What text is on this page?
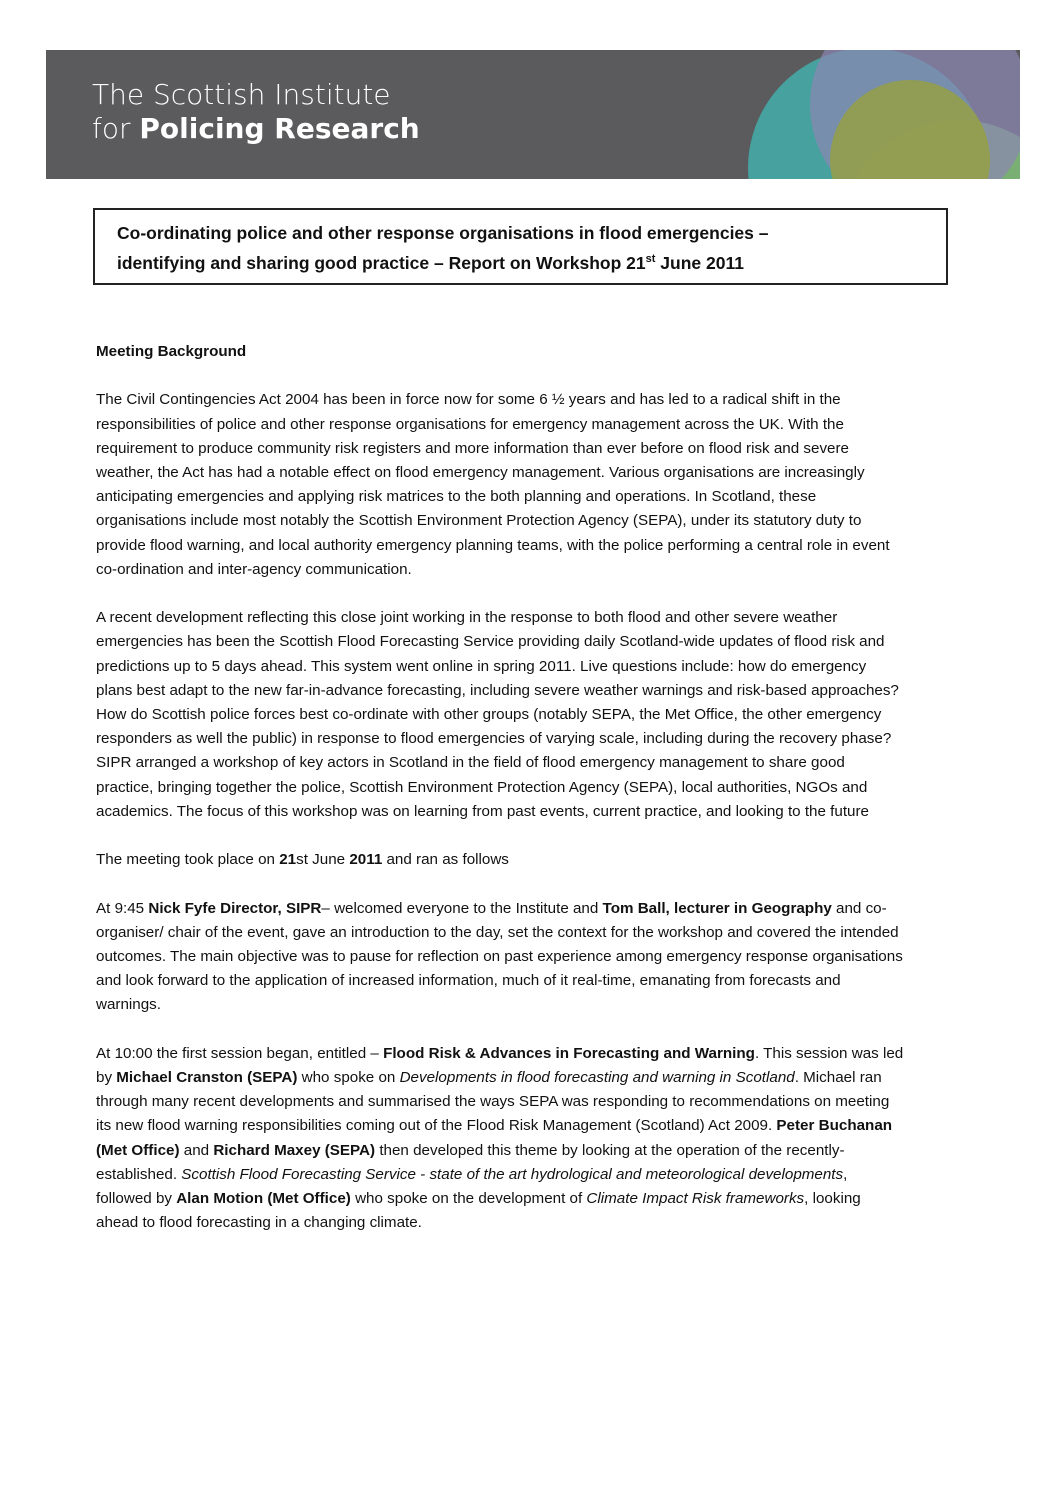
The Scottish Institute
for Policing Research

Co-ordinating police and other response organisations in flood emergencies –

identifying and sharing good practice – Report on Workshop 21st June 2011

Meeting Background

The Civil Contingencies Act 2004 has been in force now for some 6 ½ years and has led to a radical shift in the responsibilities of police and other response organisations for emergency management across the UK. With the requirement to produce community risk registers and more information than ever before on flood risk and severe weather, the Act has had a notable effect on flood emergency management. Various organisations are increasingly anticipating emergencies and applying risk matrices to the both planning and operations. In Scotland, these organisations include most notably the Scottish Environment Protection Agency (SEPA), under its statutory duty to provide flood warning, and local authority emergency planning teams, with the police performing a central role in event co-ordination and inter-agency communication.

A recent development reflecting this close joint working in the response to both flood and other severe weather emergencies has been the Scottish Flood Forecasting Service providing daily Scotland-wide updates of flood risk and predictions up to 5 days ahead. This system went online in spring 2011. Live questions include: how do emergency plans best adapt to the new far-in-advance forecasting, including severe weather warnings and risk-based approaches? How do Scottish police forces best co-ordinate with other groups (notably SEPA, the Met Office, the other emergency responders as well the public) in response to flood emergencies of varying scale, including during the recovery phase? SIPR arranged a workshop of key actors in Scotland in the field of flood emergency management to share good practice, bringing together the police, Scottish Environment Protection Agency (SEPA), local authorities, NGOs and academics. The focus of this workshop was on learning from past events, current practice, and looking to the future

The meeting took place on 21st June 2011 and ran as follows

At 9:45 Nick Fyfe Director, SIPR– welcomed everyone to the Institute and Tom Ball, lecturer in Geography and co-organiser/ chair of the event, gave an introduction to the day, set the context for the workshop and covered the intended outcomes. The main objective was to pause for reflection on past experience among emergency response organisations and look forward to the application of increased information, much of it real-time, emanating from forecasts and warnings.

At 10:00 the first session began, entitled – Flood Risk & Advances in Forecasting and Warning. This session was led by Michael Cranston (SEPA) who spoke on Developments in flood forecasting and warning in Scotland. Michael ran through many recent developments and summarised the ways SEPA was responding to recommendations on meeting its new flood warning responsibilities coming out of the Flood Risk Management (Scotland) Act 2009. Peter Buchanan (Met Office) and Richard Maxey (SEPA) then developed this theme by looking at the operation of the recently-established. Scottish Flood Forecasting Service - state of the art hydrological and meteorological developments, followed by Alan Motion (Met Office) who spoke on the development of Climate Impact Risk frameworks, looking ahead to flood forecasting in a changing climate.
